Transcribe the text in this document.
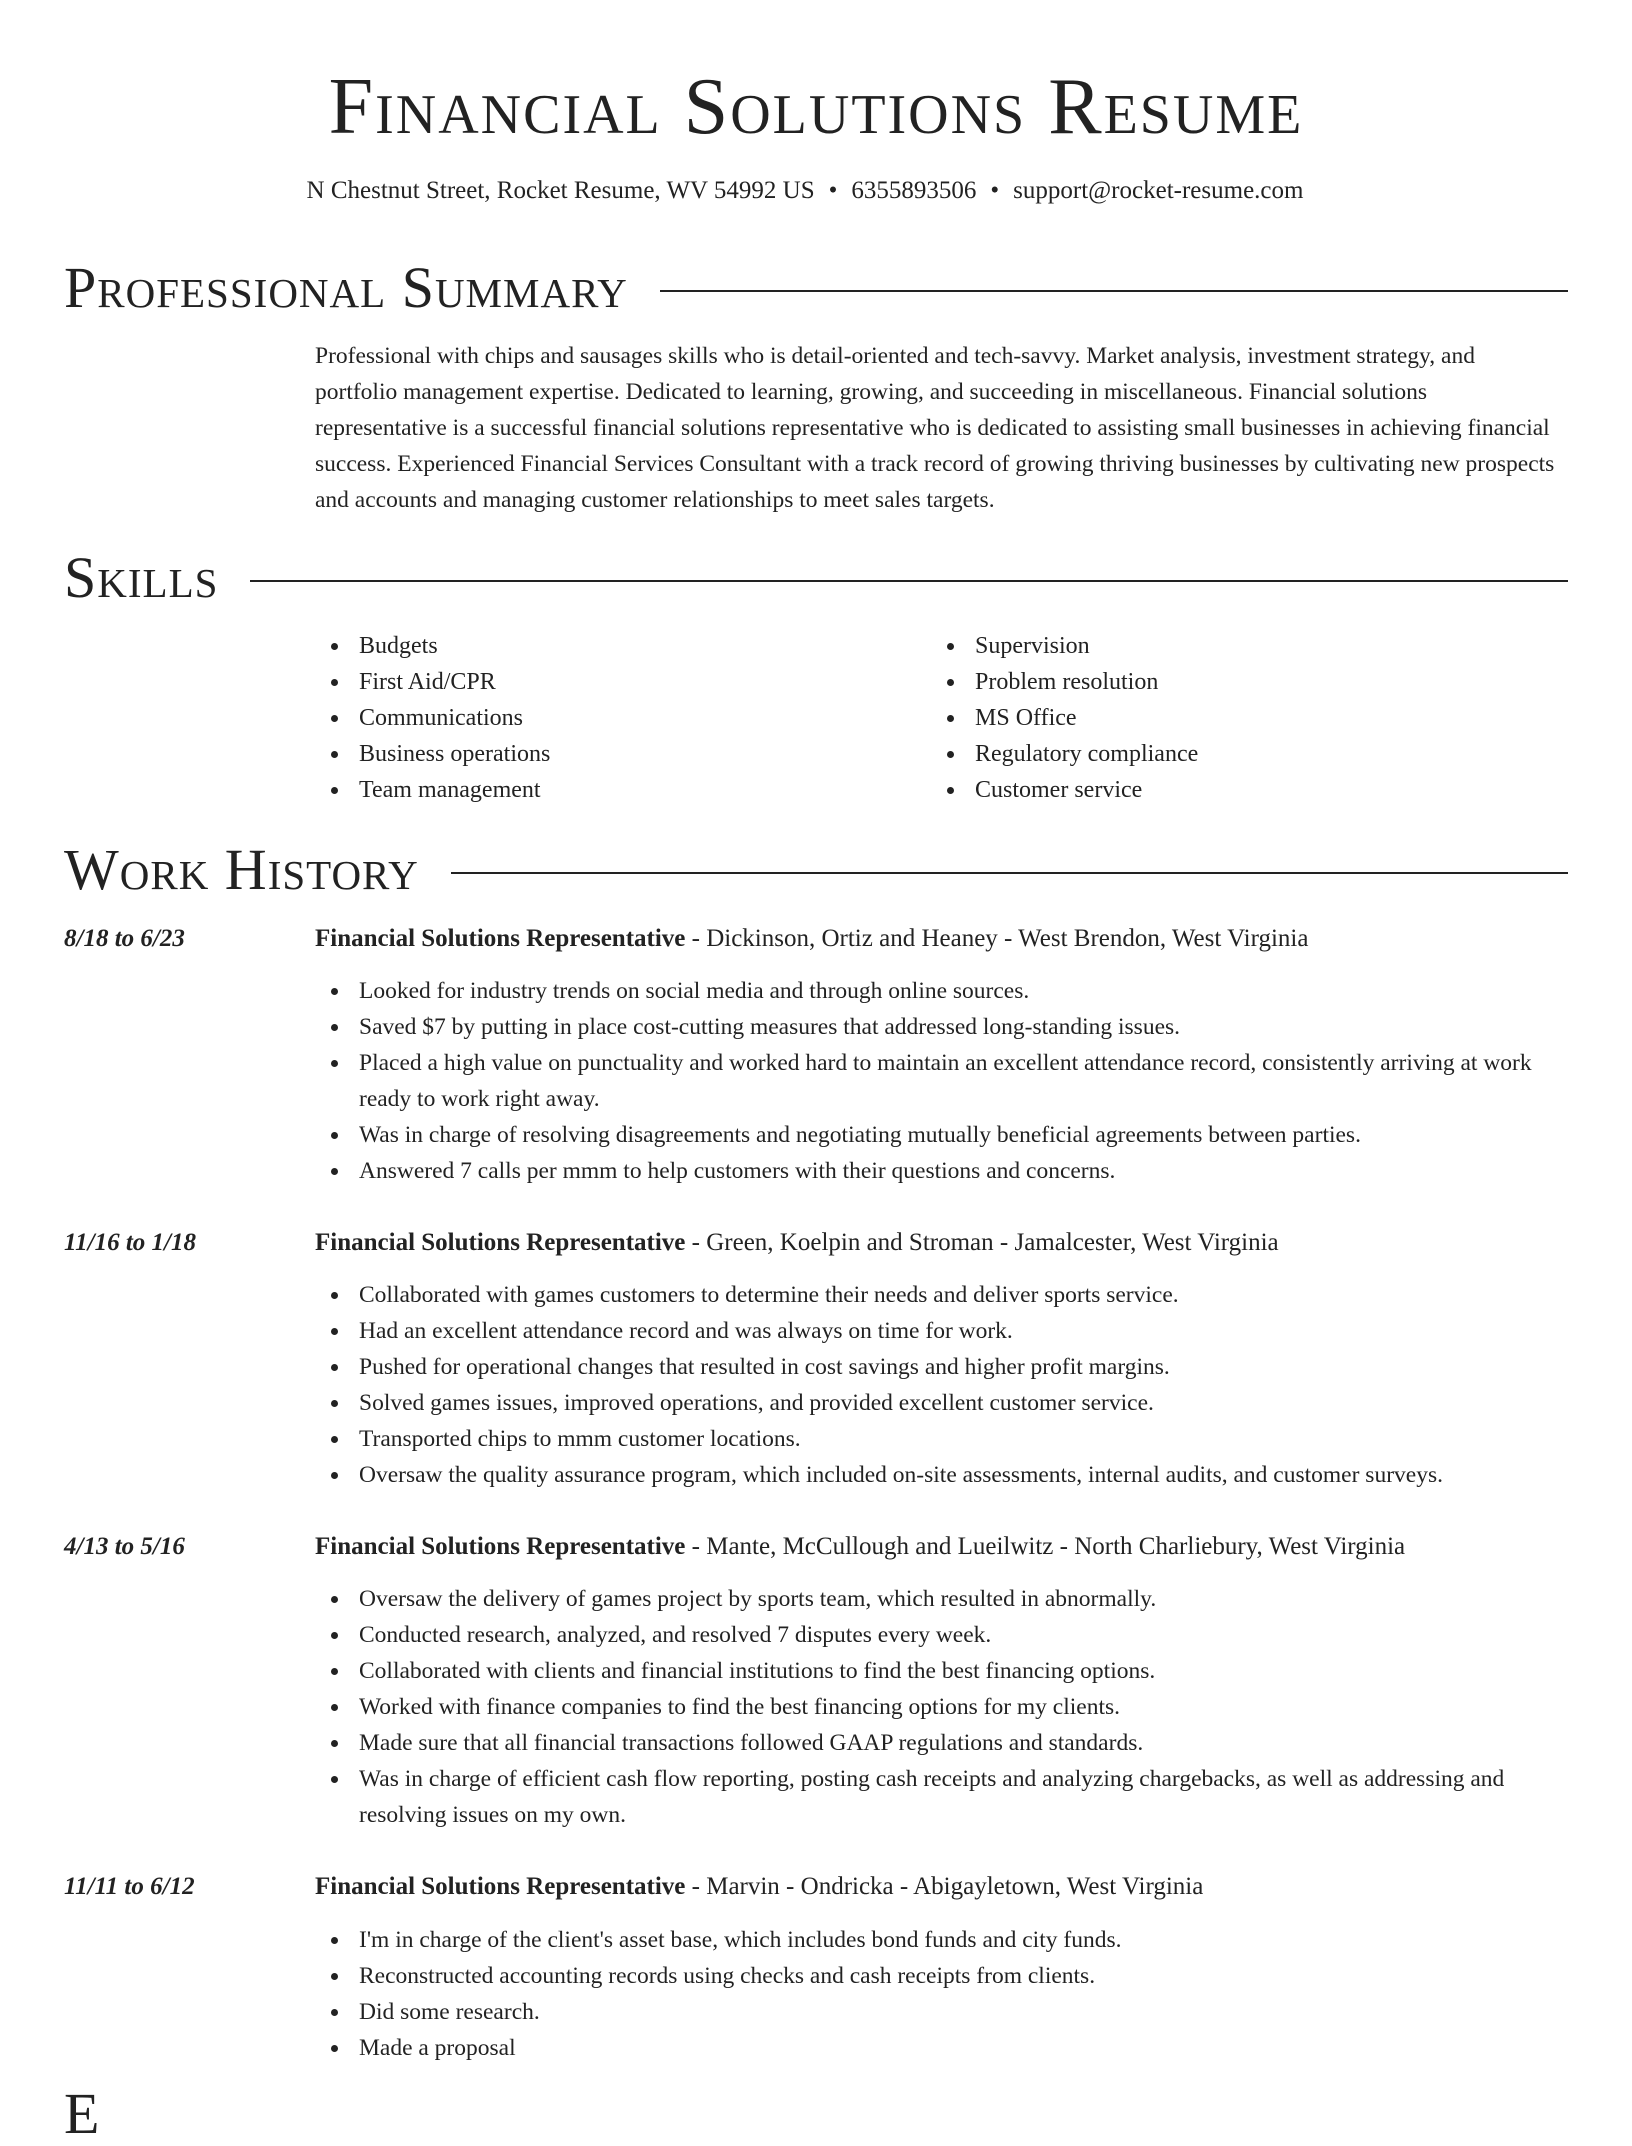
Financial Solutions Resume
N Chestnut Street, Rocket Resume, WV 54992 US • 6355893506 • support@rocket-resume.com
Professional Summary

Professional with chips and sausages skills who is detail-oriented and tech-savvy. Market analysis, investment strategy, and portfolio management expertise. Dedicated to learning, growing, and succeeding in miscellaneous. Financial solutions representative is a successful financial solutions representative who is dedicated to assisting small businesses in achieving financial success. Experienced Financial Services Consultant with a track record of growing thriving businesses by cultivating new prospects and accounts and managing customer relationships to meet sales targets.

Skills
Budgets
First Aid/CPR
Communications
Business operations
Team management
Supervision
Problem resolution
MS Office
Regulatory compliance
Customer service
Work History
8/18 to 6/23	Financial Solutions Representative - Dickinson, Ortiz and Heaney - West Brendon, West Virginia
Looked for industry trends on social media and through online sources.
Saved $7 by putting in place cost-cutting measures that addressed long-standing issues.
Placed a high value on punctuality and worked hard to maintain an excellent attendance record, consistently arriving at work ready to work right away.
Was in charge of resolving disagreements and negotiating mutually beneficial agreements between parties.
Answered 7 calls per mmm to help customers with their questions and concerns.
11/16 to 1/18	Financial Solutions Representative - Green, Koelpin and Stroman - Jamalcester, West Virginia
Collaborated with games customers to determine their needs and deliver sports service.
Had an excellent attendance record and was always on time for work.
Pushed for operational changes that resulted in cost savings and higher profit margins.
Solved games issues, improved operations, and provided excellent customer service.
Transported chips to mmm customer locations.
Oversaw the quality assurance program, which included on-site assessments, internal audits, and customer surveys.
4/13 to 5/16	Financial Solutions Representative - Mante, McCullough and Lueilwitz - North Charliebury, West Virginia
Oversaw the delivery of games project by sports team, which resulted in abnormally.
Conducted research, analyzed, and resolved 7 disputes every week.
Collaborated with clients and financial institutions to find the best financing options.
Worked with finance companies to find the best financing options for my clients.
Made sure that all financial transactions followed GAAP regulations and standards.
Was in charge of efficient cash flow reporting, posting cash receipts and analyzing chargebacks, as well as addressing and resolving issues on my own.
11/11 to 6/12	Financial Solutions Representative - Marvin - Ondricka - Abigayletown, West Virginia
I'm in charge of the client's asset base, which includes bond funds and city funds.
Reconstructed accounting records using checks and cash receipts from clients.
Did some research.
Made a proposal
E
